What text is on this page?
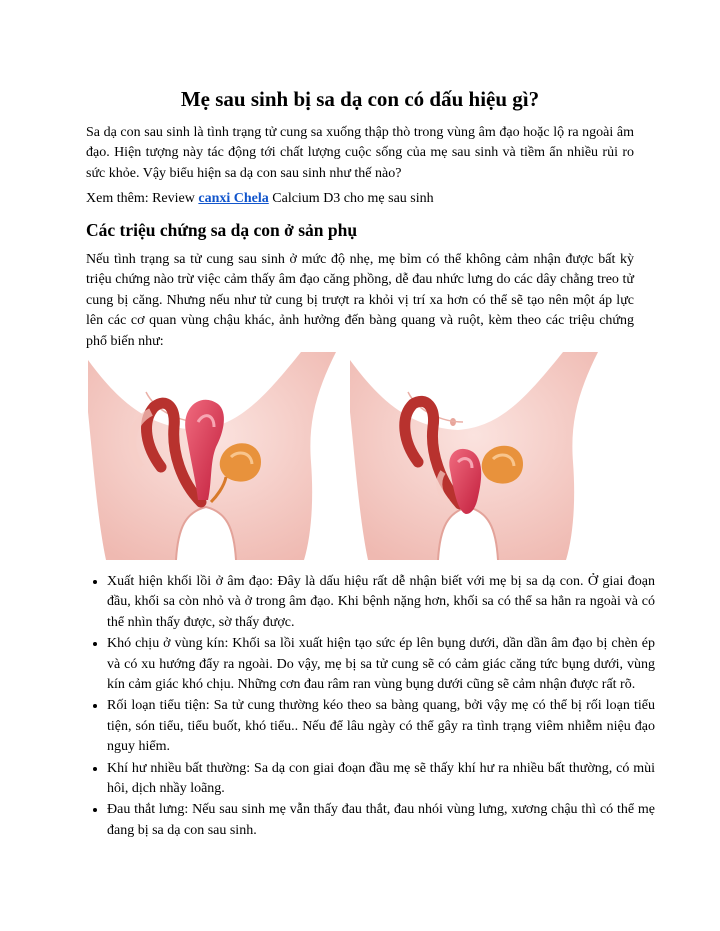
Mẹ sau sinh bị sa dạ con có dấu hiệu gì?

Sa dạ con sau sinh là tình trạng tử cung sa xuống thập thò trong vùng âm đạo hoặc lộ ra ngoài âm đạo. Hiện tượng này tác động tới chất lượng cuộc sống của mẹ sau sinh và tiềm ẩn nhiều rủi ro sức khỏe. Vậy biểu hiện sa dạ con sau sinh như thế nào?

Xem thêm: Review canxi Chela Calcium D3 cho mẹ sau sinh

Các triệu chứng sa dạ con ở sản phụ

Nếu tình trạng sa tử cung sau sinh ở mức độ nhẹ, mẹ bỉm có thể không cảm nhận được bất kỳ triệu chứng nào trừ việc cảm thấy âm đạo căng phồng, dễ đau nhức lưng do các dây chằng treo tử cung bị căng. Nhưng nếu như tử cung bị trượt ra khỏi vị trí xa hơn có thể sẽ tạo nên một áp lực lên các cơ quan vùng chậu khác, ảnh hưởng đến bàng quang và ruột, kèm theo các triệu chứng phổ biến như:

• Xuất hiện khối lồi ở âm đạo: Đây là dấu hiệu rất dễ nhận biết với mẹ bị sa dạ con. Ở giai đoạn đầu, khối sa còn nhỏ và ở trong âm đạo. Khi bệnh nặng hơn, khối sa có thể sa hẳn ra ngoài và có thể nhìn thấy được, sờ thấy được.
• Khó chịu ở vùng kín: Khối sa lồi xuất hiện tạo sức ép lên bụng dưới, dần dần âm đạo bị chèn ép và có xu hướng đẩy ra ngoài. Do vậy, mẹ bị sa tử cung sẽ có cảm giác căng tức bụng dưới, vùng kín cảm giác khó chịu. Những cơn đau râm ran vùng bụng dưới cũng sẽ cảm nhận được rất rõ.
• Rối loạn tiểu tiện: Sa tử cung thường kéo theo sa bàng quang, bởi vậy mẹ có thể bị rối loạn tiểu tiện, són tiểu, tiểu buốt, khó tiểu.. Nếu để lâu ngày có thể gây ra tình trạng viêm nhiễm niệu đạo nguy hiểm.
• Khí hư nhiều bất thường: Sa dạ con giai đoạn đầu mẹ sẽ thấy khí hư ra nhiều bất thường, có mùi hôi, dịch nhầy loãng.
• Đau thắt lưng: Nếu sau sinh mẹ vẫn thấy đau thắt, đau nhói vùng lưng, xương chậu thì có thể mẹ đang bị sa dạ con sau sinh.
